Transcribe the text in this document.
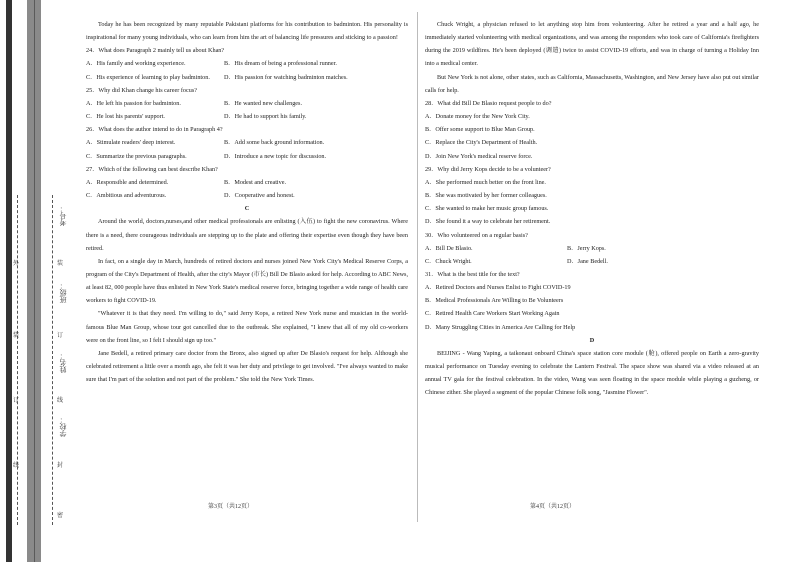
考号：
班级：
姓名：
学校：
装
订
线
封
密
外
装
订
线

Today he has been recognized by many reputable Pakistani platforms for his contribution to badminton. His personality is inspirational for many young individuals, who can learn from him the art of balancing life pressures and sticking to a passion!

24．What does Paragraph 2 mainly tell us about Khan?

A．His family and working experience.	B．His dream of being a professional runner.
C．His experience of learning to play badminton.	D．His passion for watching badminton matches.

25．Why did Khan change his career focus?

A．He left his passion for badminton.	B．He wanted new challenges.
C．He lost his parents' support.	D．He had to support his family.

26．What does the author intend to do in Paragraph 4?

A．Stimulate readers' deep interest.	B．Add some back ground information.
C．Summarize the previous paragraphs.	D．Introduce a new topic for discussion.

27．Which of the following can best describe Khan?

A．Responsible and determined.	B．Modest and creative.
C．Ambitious and adventurous.	D．Cooperative and honest.

C

Around the world, doctors,nurses,and other medical professionals are enlisting (入伍) to fight the new coronavirus. Where there is a need, there courageous individuals are stepping up to the plate and offering their expertise even though they have been retired.

In fact, on a single day in March, hundreds of retired doctors and nurses joined New York City's Medical Reserve Corps, a program of the City's Department of Health, after the city's Mayor (市长) Bill De Blasio asked for help. According to ABC News, at least 82, 000 people have thus enlisted in New York State's medical reserve force, bringing together a wide range of health care workers to fight COVID-19.

"Whatever it is that they need. I'm willing to do," said Jerry Kops, a retired New York nurse and musician in the world-famous Blue Man Group, whose tour got cancelled due to the outbreak. She explained, "I knew that all of my old co-workers were on the front line, so I felt I should sign up too."

Jane Bedell, a retired primary care doctor from the Bronx, also signed up after De Blasio's request for help. Although she celebrated retirement a little over a month ago, she felt it was her duty and privilege to get involved. "I've always wanted to make sure that I'm part of the solution and not part of the problem." She told the New York Times.

第3页（共12页）

Chuck Wright, a physician refused to let anything stop him from volunteering. After he retired a year and a half ago, he immediately started volunteering with medical organizations, and was among the responders who took care of California's firefighters during the 2019 wildfires. He's been deployed (调遣) twice to assist COVID-19 efforts, and was in charge of turning a Holiday Inn into a medical center.

But New York is not alone, other states, such as California, Massachusetts, Washington, and New Jersey have also put out similar calls for help.

28．What did Bill De Blasio request people to do?

A．Donate money for the New York City.

B．Offer some support to Blue Man Group.

C．Replace the City's Department of Health.

D．Join New York's medical reserve force.

29．Why did Jerry Kops decide to be a volunteer?

A．She performed much better on the front line.

B．She was motivated by her former colleagues.

C．She wanted to make her music group famous.

D．She found it a way to celebrate her retirement.

30．Who volunteered on a regular basis?

A．Bill De Blasio.	B．Jerry Kops.
C．Chuck Wright.	D．Jane Bedell.

31．What is the best title for the text?

A．Retired Doctors and Nurses Enlist to Fight COVID-19

B．Medical Professionals Are Willing to Be Volunteers

C．Retired Health Care Workers Start Working Again

D．Many Struggling Cities in America Are Calling for Help

D

BEIJING - Wang Yaping, a taikonaut onboard China's space station core module (舱), offered people on Earth a zero-gravity musical performance on Tuesday evening to celebrate the Lantern Festival. The space show was shared via a video released at an annual TV gala for the festival celebration. In the video, Wang was seen floating in the space module while playing a guzheng, or Chinese zither. She played a segment of the popular Chinese folk song, "Jasmine Flower".

第4页（共12页）
